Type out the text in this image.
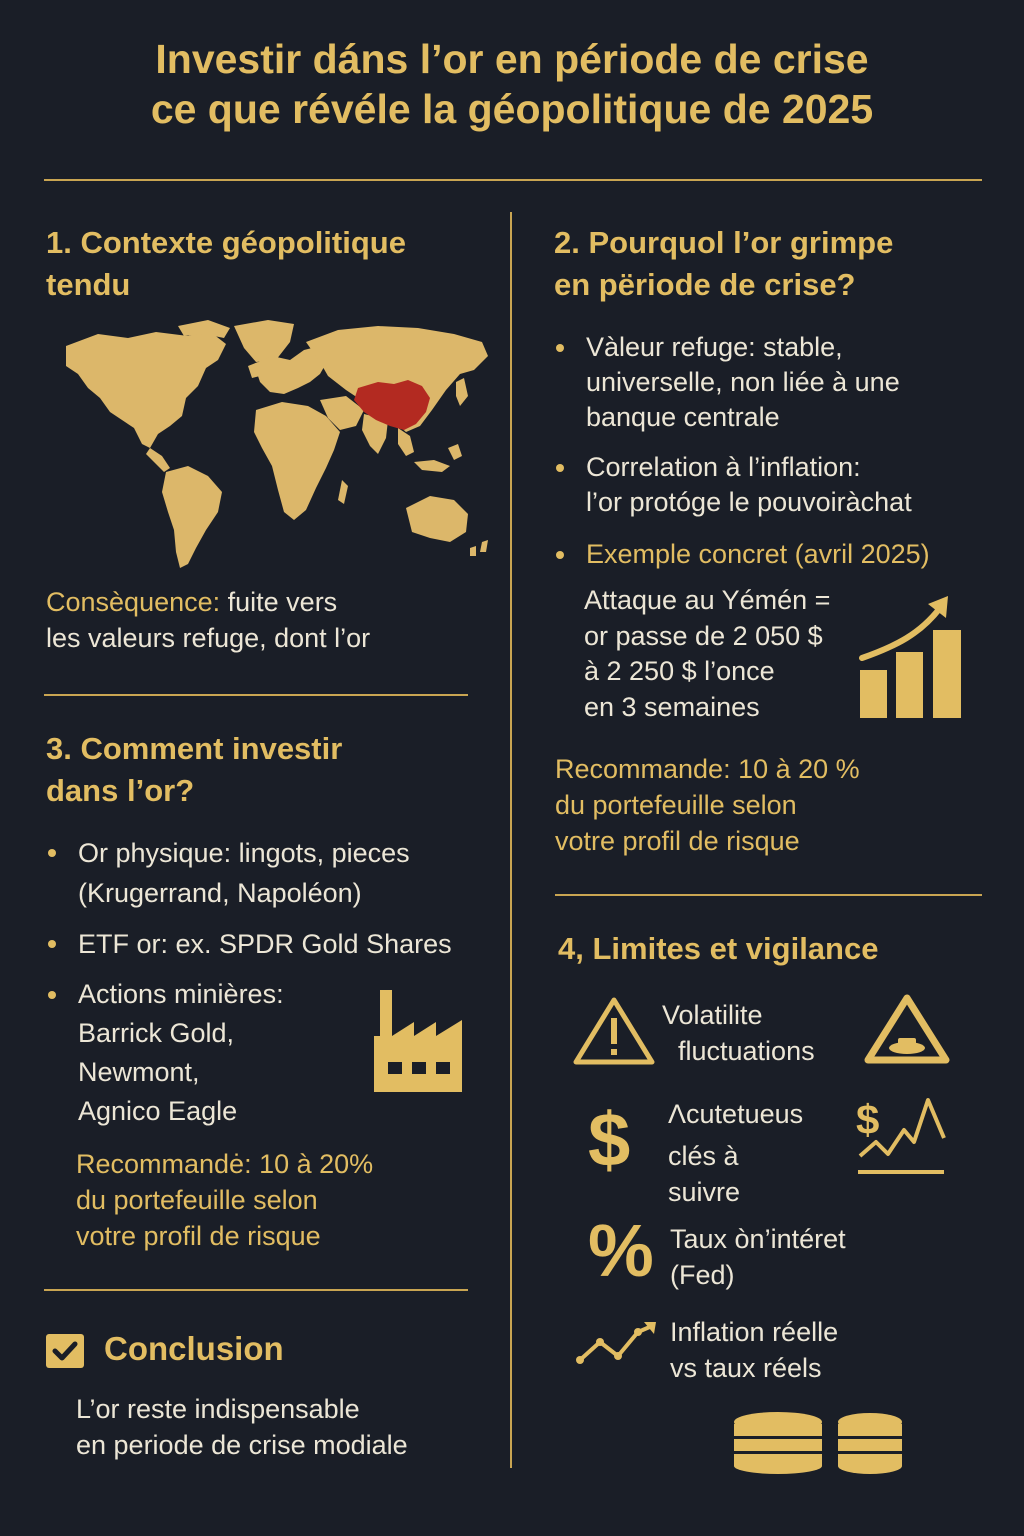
Investir dáns l’or en période de crise
ce que révéle la géopolitique de 2025
1. Contexte géopolitique
tendu
Consèquence: fuite vers
les valeurs refuge, dont l’or
2. Pourquol l’or grimpe
en përiode de crise?
Vàleur refuge: stable,
universelle, non liée à une
banque centrale
Correlation à l’inflation:
l’or protóge le pouvoiràchat
Exemple concret (avril 2025)
Attaque au Yémén =
or passe de 2 050 $
à 2 250 $ l’once
en 3 semaines
Recommande: 10 à 20 %
du portefeuille selon
votre profil de risque
3. Comment investir
dans l’or?
Or physique: lingots, pieces
(Krugerrand, Napoléon)
ETF or: ex. SPDR Gold Shares
Actions minières:
Barrick Gold,
Newmont,
Agnico Eagle
Recommandė: 10 à 20%
du portefeuille selon
votre profil de risque
Conclusion
L’or reste indispensable
en periode de crise modiale
4, Limites et vigilance
Volatilite
fluctuations
$ Λcutetueus
clés à
suivre
$
% Taux òn’intéret
(Fed)
Inflation réelle
vs taux réels
